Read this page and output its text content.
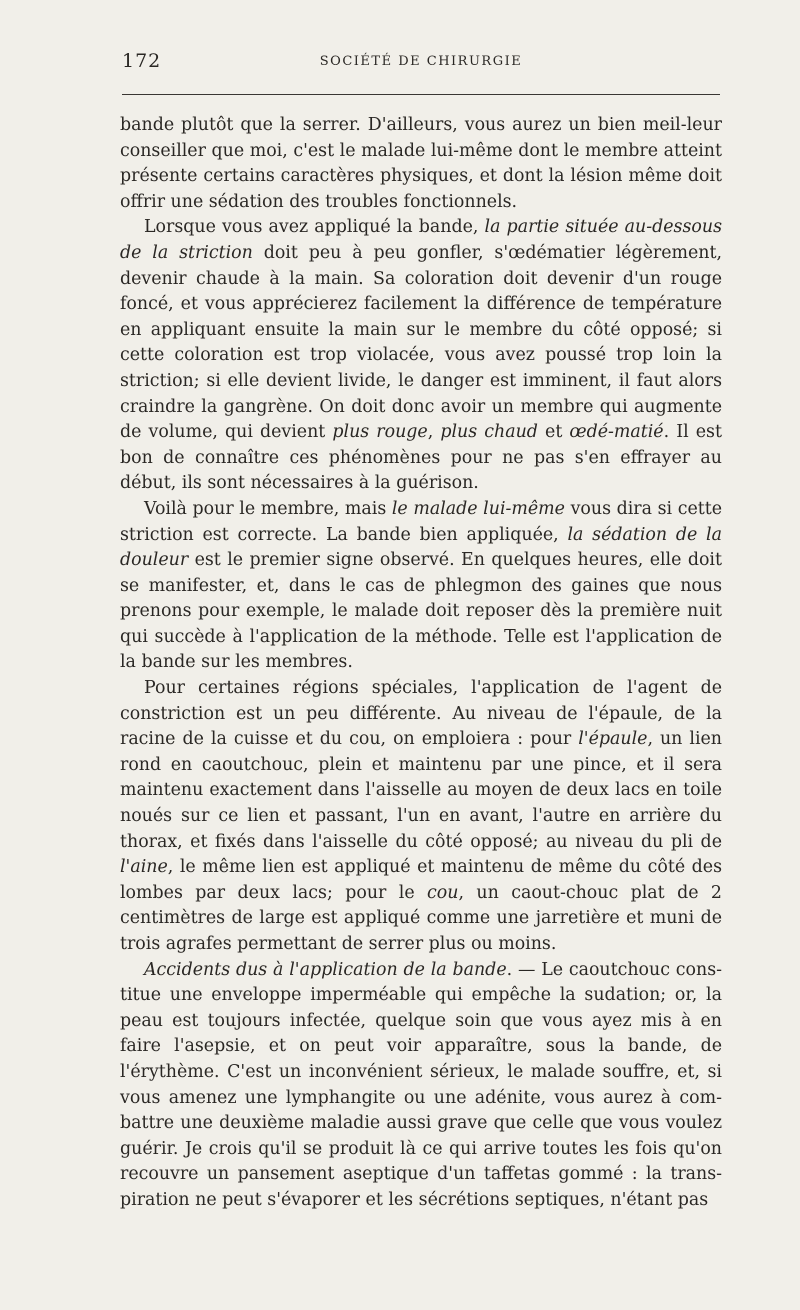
172	SOCIÉTÉ DE CHIRURGIE

bande plutôt que la serrer. D'ailleurs, vous aurez un bien meil-leur conseiller que moi, c'est le malade lui-même dont le membre atteint présente certains caractères physiques, et dont la lésion même doit offrir une sédation des troubles fonctionnels.

Lorsque vous avez appliqué la bande, la partie située au-dessous de la striction doit peu à peu gonfler, s'œdématier légèrement, devenir chaude à la main. Sa coloration doit devenir d'un rouge foncé, et vous apprécierez facilement la différence de température en appliquant ensuite la main sur le membre du côté opposé; si cette coloration est trop violacée, vous avez poussé trop loin la striction; si elle devient livide, le danger est imminent, il faut alors craindre la gangrène. On doit donc avoir un membre qui augmente de volume, qui devient plus rouge, plus chaud et œdé-matié. Il est bon de connaître ces phénomènes pour ne pas s'en effrayer au début, ils sont nécessaires à la guérison.

Voilà pour le membre, mais le malade lui-même vous dira si cette striction est correcte. La bande bien appliquée, la sédation de la douleur est le premier signe observé. En quelques heures, elle doit se manifester, et, dans le cas de phlegmon des gaines que nous prenons pour exemple, le malade doit reposer dès la première nuit qui succède à l'application de la méthode. Telle est l'application de la bande sur les membres.

Pour certaines régions spéciales, l'application de l'agent de constriction est un peu différente. Au niveau de l'épaule, de la racine de la cuisse et du cou, on emploiera : pour l'épaule, un lien rond en caoutchouc, plein et maintenu par une pince, et il sera maintenu exactement dans l'aisselle au moyen de deux lacs en toile noués sur ce lien et passant, l'un en avant, l'autre en arrière du thorax, et fixés dans l'aisselle du côté opposé; au niveau du pli de l'aine, le même lien est appliqué et maintenu de même du côté des lombes par deux lacs; pour le cou, un caout-chouc plat de 2 centimètres de large est appliqué comme une jarretière et muni de trois agrafes permettant de serrer plus ou moins.

Accidents dus à l'application de la bande. — Le caoutchouc cons-titue une enveloppe imperméable qui empêche la sudation; or, la peau est toujours infectée, quelque soin que vous ayez mis à en faire l'asepsie, et on peut voir apparaître, sous la bande, de l'érythème. C'est un inconvénient sérieux, le malade souffre, et, si vous amenez une lymphangite ou une adénite, vous aurez à com-battre une deuxième maladie aussi grave que celle que vous voulez guérir. Je crois qu'il se produit là ce qui arrive toutes les fois qu'on recouvre un pansement aseptique d'un taffetas gommé : la trans-piration ne peut s'évaporer et les sécrétions septiques, n'étant pas
